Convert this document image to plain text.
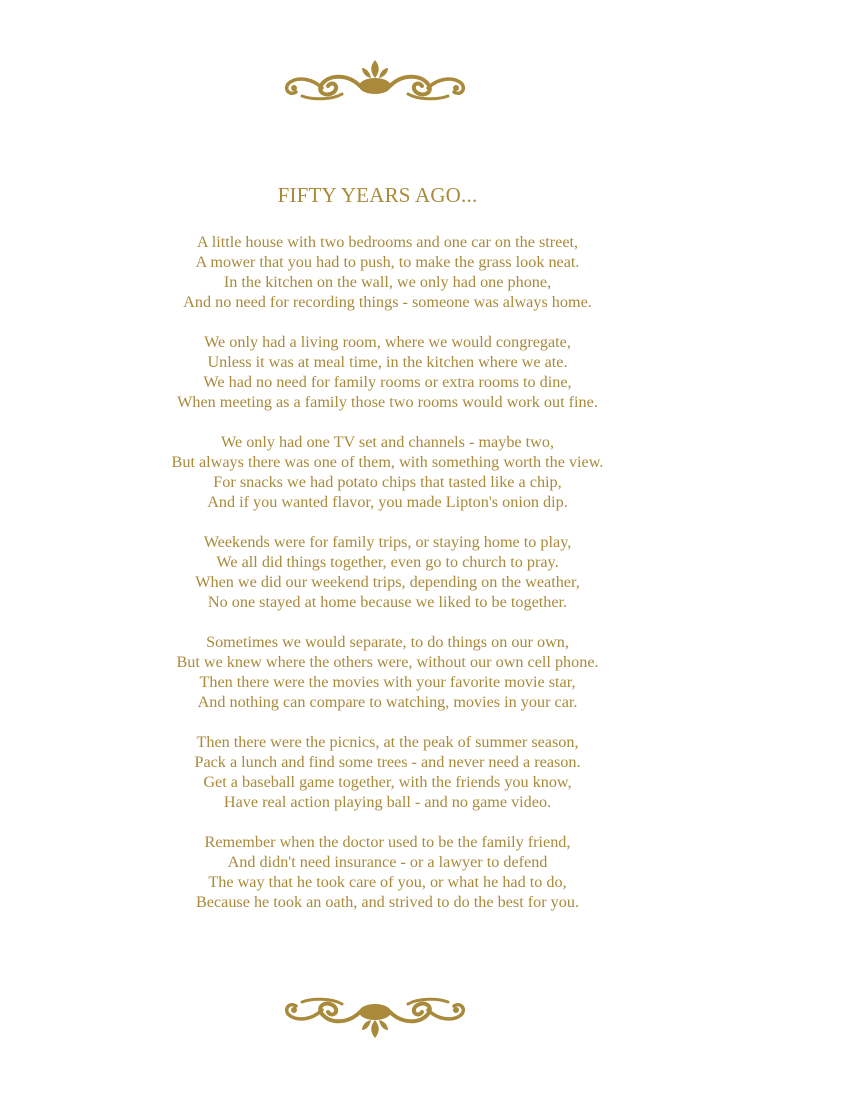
FIFTY YEARS AGO...
A little house with two bedrooms and one car on the street,
A mower that you had to push, to make the grass look neat.
In the kitchen on the wall, we only had one phone,
And no need for recording things - someone was always home.
We only had a living room, where we would congregate,
Unless it was at meal time, in the kitchen where we ate.
We had no need for family rooms or extra rooms to dine,
When meeting as a family those two rooms would work out fine.
We only had one TV set and channels - maybe two,
But always there was one of them, with something worth the view.
For snacks we had potato chips that tasted like a chip,
And if you wanted flavor, you made Lipton's onion dip.
Weekends were for family trips, or staying home to play,
We all did things together, even go to church to pray.
When we did our weekend trips, depending on the weather,
No one stayed at home because we liked to be together.
Sometimes we would separate, to do things on our own,
But we knew where the others were, without our own cell phone.
Then there were the movies with your favorite movie star,
And nothing can compare to watching, movies in your car.
Then there were the picnics, at the peak of summer season,
Pack a lunch and find some trees - and never need a reason.
Get a baseball game together, with the friends you know,
Have real action playing ball - and no game video.
Remember when the doctor used to be the family friend,
And didn't need insurance - or a lawyer to defend
The way that he took care of you, or what he had to do,
Because he took an oath, and strived to do the best for you.
